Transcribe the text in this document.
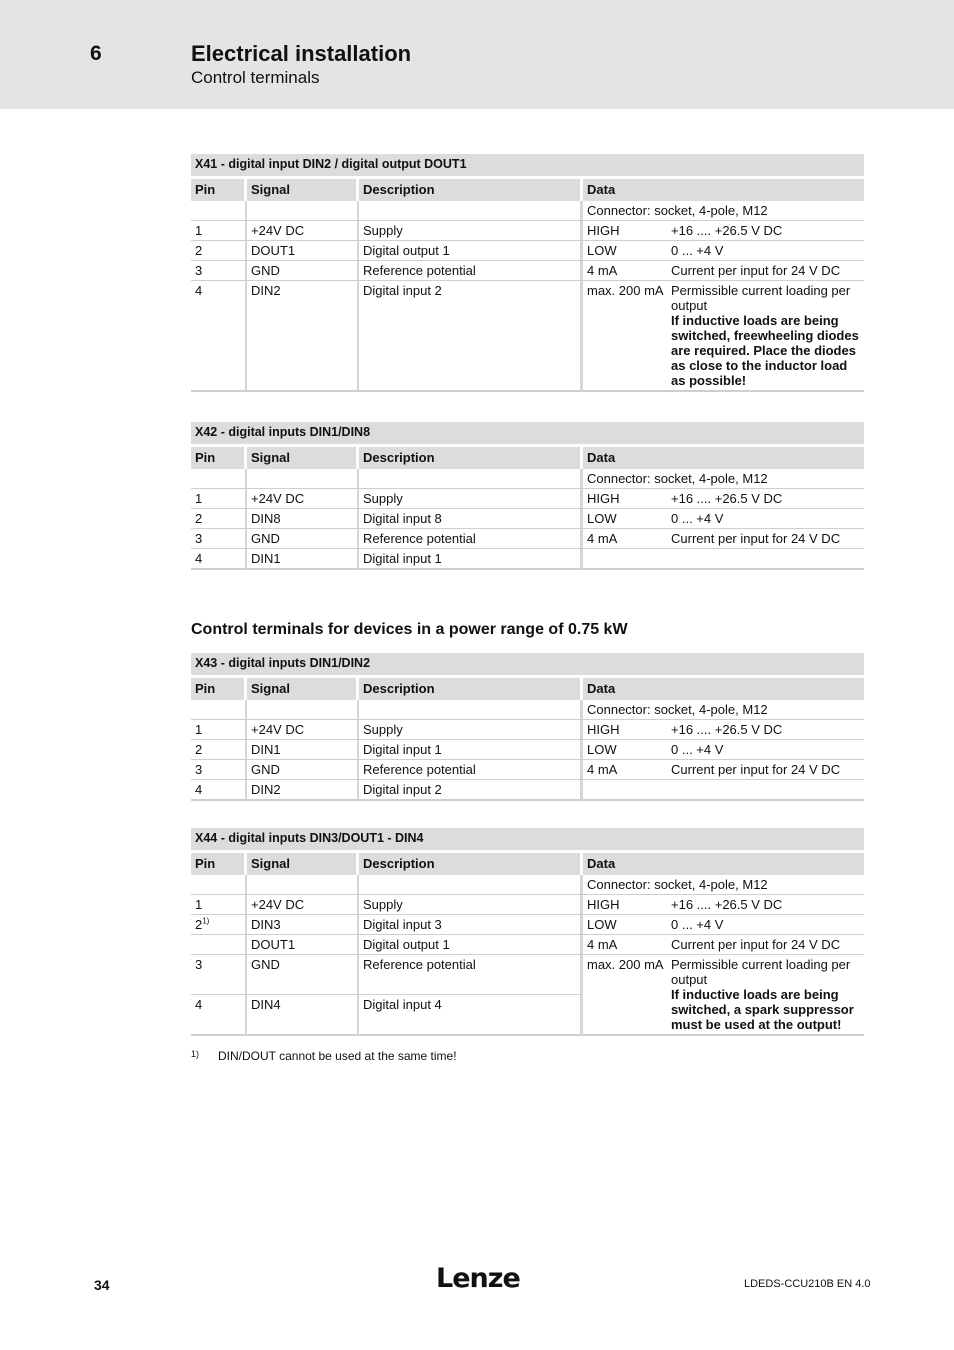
6	Electrical installation
Control terminals
X41 - digital input DIN2 / digital output DOUT1				
Pin	Signal	Description	Data	
			Connector: socket, 4-pole, M12	
1	+24V DC	Supply	HIGH	+16 .... +26.5 V DC
2	DOUT1	Digital output 1	LOW	0 ... +4 V
3	GND	Reference potential	4 mA	Current per input for 24 V DC
4	DIN2	Digital input 2	max. 200 mA	Permissible current loading per output
If inductive loads are being switched, freewheeling diodes are required. Place the diodes as close to the inductor load as possible!
X42 - digital inputs DIN1/DIN8				
Pin	Signal	Description	Data	
			Connector: socket, 4-pole, M12	
1	+24V DC	Supply	HIGH	+16 .... +26.5 V DC
2	DIN8	Digital input 8	LOW	0 ... +4 V
3	GND	Reference potential	4 mA	Current per input for 24 V DC
4	DIN1	Digital input 1		
Control terminals for devices in a power range of 0.75 kW
X43 - digital inputs DIN1/DIN2				
Pin	Signal	Description	Data	
			Connector: socket, 4-pole, M12	
1	+24V DC	Supply	HIGH	+16 .... +26.5 V DC
2	DIN1	Digital input 1	LOW	0 ... +4 V
3	GND	Reference potential	4 mA	Current per input for 24 V DC
4	DIN2	Digital input 2		
X44 - digital inputs DIN3/DOUT1 - DIN4				
Pin	Signal	Description	Data	
			Connector: socket, 4-pole, M12	
1	+24V DC	Supply	HIGH	+16 .... +26.5 V DC
2$^{1)}$	DIN3	Digital input 3	LOW	0 ... +4 V
	DOUT1	Digital output 1	4 mA	Current per input for 24 V DC
3	GND	Reference potential	max. 200 mA	Permissible current loading per output
If inductive loads are being switched, a spark suppressor must be used at the output!

4	DIN4	Digital input 4		
1) DIN/DOUT cannot be used at the same time!
34	Lenze	LDEDS-CCU210B EN 4.0
